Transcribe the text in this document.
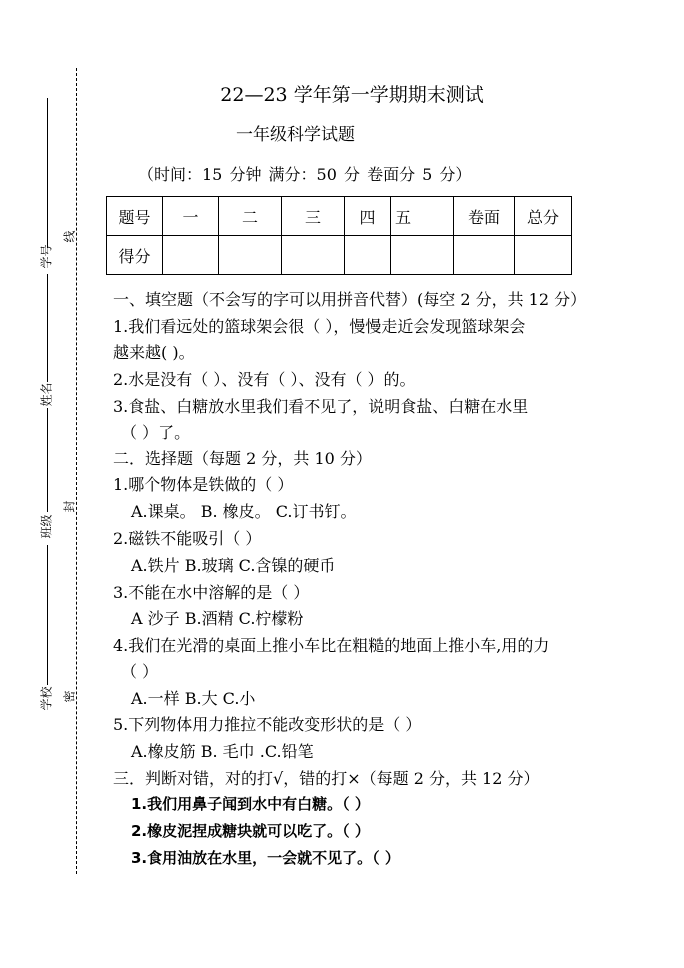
学号
姓名
班级
学校
线
封
密
22—23 学年第一学期期末测试
一年级科学试题
（时间：15 分钟 满分：50 分 卷面分 5 分）
题号	一	二	三	四	五	卷面	总分
得分							
一、填空题（不会写的字可以用拼音代替）(每空 2 分，共 12 分）
1.我们看远处的篮球架会很（ ），慢慢走近会发现篮球架会
越来越( )。
2.水是没有（ ）、没有（ ）、没有（ ）的。
3.食盐、白糖放水里我们看不见了，说明食盐、白糖在水里
（ ）了。
二．选择题（每题 2 分，共 10 分）
1.哪个物体是铁做的（ ）
A.课桌。 B. 橡皮。 C.订书钉。
2.磁铁不能吸引（ ）
A.铁片 B.玻璃 C.含镍的硬币
3.不能在水中溶解的是（ ）
A 沙子 B.酒精 C.柠檬粉
4.我们在光滑的桌面上推小车比在粗糙的地面上推小车,用的力
（ ）
A.一样 B.大 C.小
5.下列物体用力推拉不能改变形状的是（ ）
A.橡皮筋 B. 毛巾 .C.铅笔
三．判断对错，对的打√，错的打×（每题 2 分，共 12 分）
1.我们用鼻子闻到水中有白糖。（ ）
2.橡皮泥捏成糖块就可以吃了。（ ）
3.食用油放在水里，一会就不见了。（ ）
